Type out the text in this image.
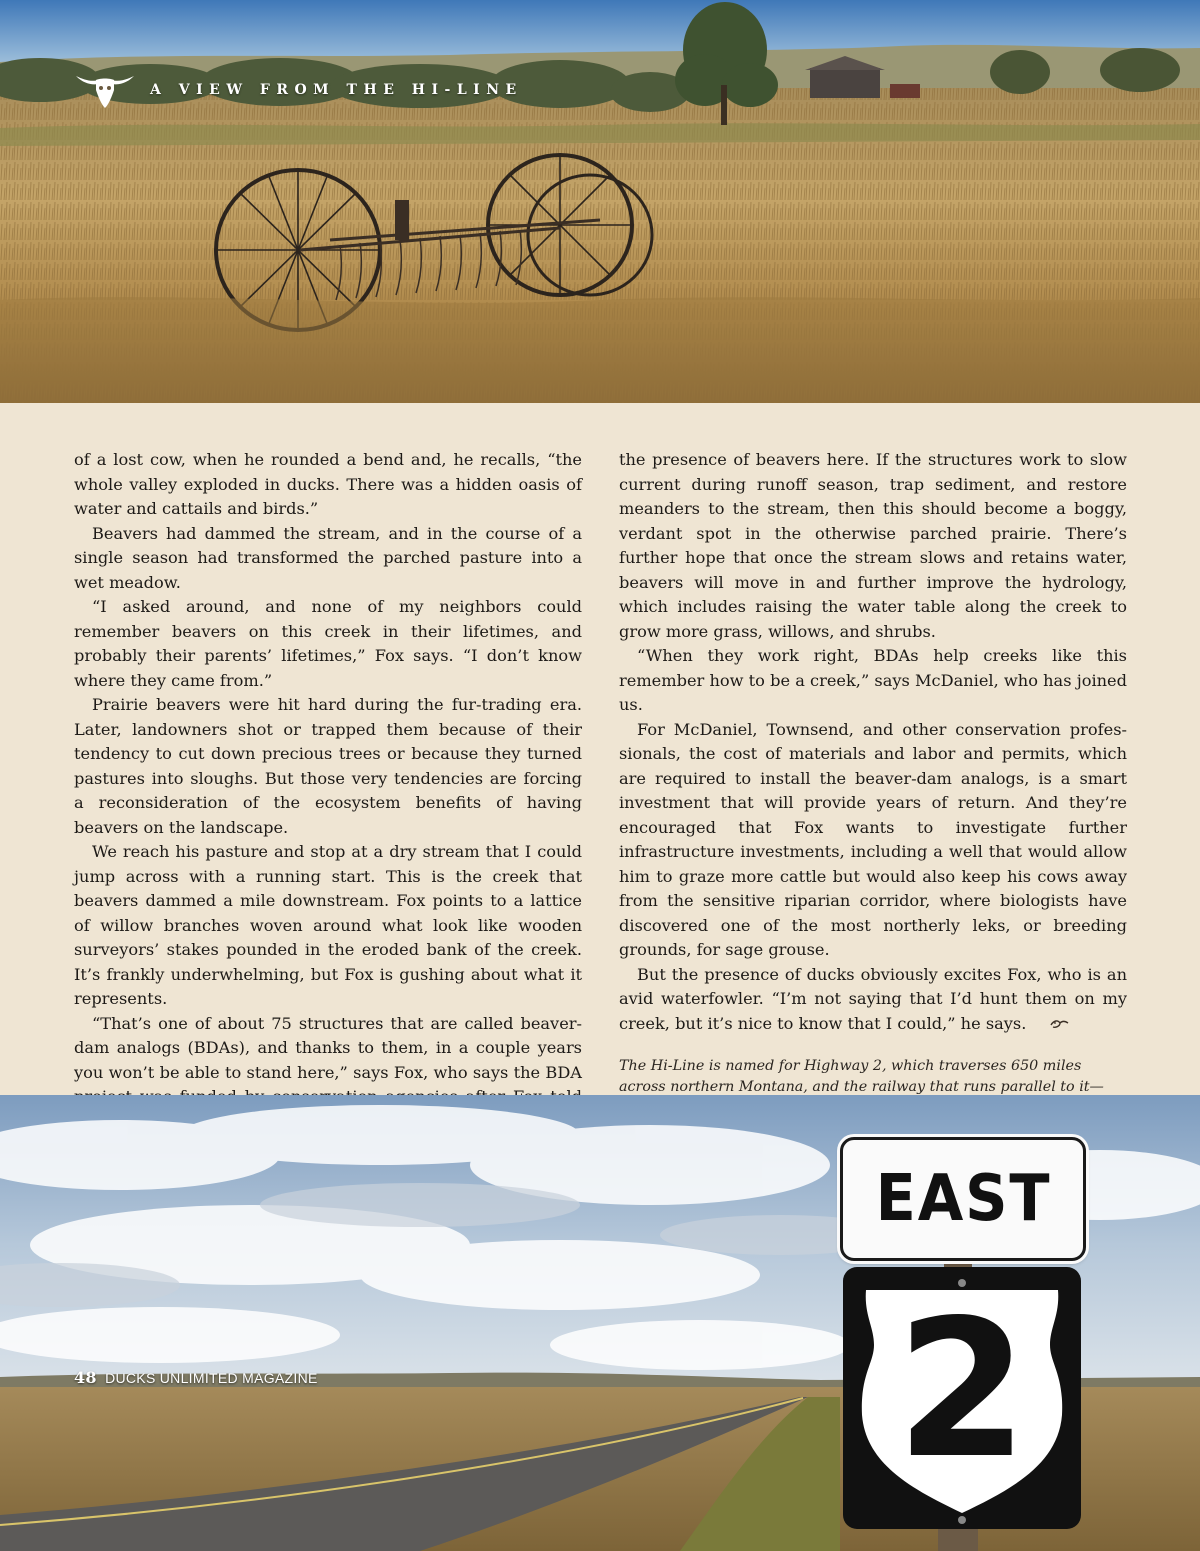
A VIEW FROM THE HI-LINE

of a lost cow, when he rounded a bend and, he recalls, “the whole valley exploded in ducks. There was a hidden oasis of water and cattails and birds.”

Beavers had dammed the stream, and in the course of a single season had transformed the parched pasture into a wet meadow.

“I asked around, and none of my neighbors could remember beavers on this creek in their lifetimes, and probably their parents’ lifetimes,” Fox says. “I don’t know where they came from.”

Prairie beavers were hit hard during the fur-trading era. Later, landowners shot or trapped them because of their tendency to cut down precious trees or because they turned pastures into sloughs. But those very tendencies are forcing a reconsideration of the ecosystem benefits of having beavers on the landscape.

We reach his pasture and stop at a dry stream that I could jump across with a running start. This is the creek that beavers dammed a mile downstream. Fox points to a lattice of willow branches woven around what look like wooden surveyors’ stakes pounded in the eroded bank of the creek. It’s frankly underwhelming, but Fox is gushing about what it represents.

“That’s one of about 75 structures that are called beaver-dam analogs (BDAs), and thanks to them, in a couple years you won’t be able to stand here,” says Fox, who says the BDA

the presence of beavers here. If the structures work to slow current during runoff season, trap sediment, and restore meanders to the stream, then this should become a boggy, verdant spot in the otherwise parched prairie. There’s further hope that once the stream slows and retains water, beavers will move in and further improve the hydrology, which includes raising the water table along the creek to grow more grass, willows, and shrubs.

“When they work right, BDAs help creeks like this remember how to be a creek,” says McDaniel, who has joined us.

For McDaniel, Townsend, and other conservation professionals, the cost of materials and labor and permits, which are required to install the beaver-dam analogs, is a smart investment that will provide years of return. And they’re encouraged that Fox wants to investigate further infrastructure investments, including a well that would allow him to graze more cattle but would also keep his cows away from the sensitive riparian corridor, where biologists have discovered one of the most northerly leks, or breeding grounds, for sage grouse.

But the presence of ducks obviously excites Fox, who is an avid waterfowler. “I’m not saying that I’d hunt them on my creek, but it’s nice to know that I could,” he says.

The Hi-Line is named for Highway 2, which traverses 650 miles across northern Montana, and the railway that runs parallel to it—
EAST
2
48 DUCKS UNLIMITED MAGAZINE
